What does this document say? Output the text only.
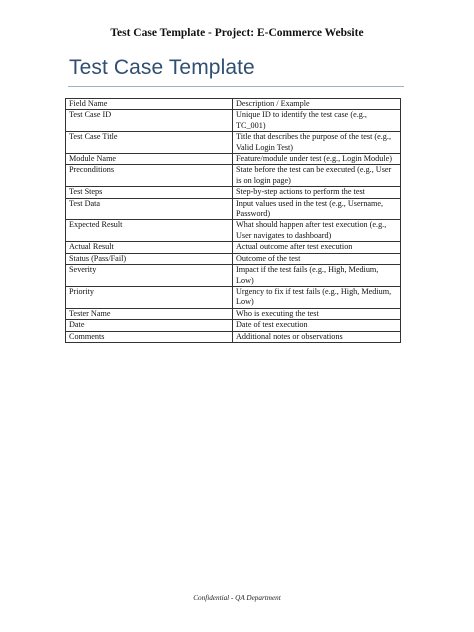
Test Case Template - Project: E-Commerce Website
Test Case Template
Field Name	Description / Example
Test Case ID	Unique ID to identify the test case (e.g., TC_001)
Test Case Title	Title that describes the purpose of the test (e.g., Valid Login Test)
Module Name	Feature/module under test (e.g., Login Module)
Preconditions	State before the test can be executed (e.g., User is on login page)
Test Steps	Step-by-step actions to perform the test
Test Data	Input values used in the test (e.g., Username, Password)
Expected Result	What should happen after test execution (e.g., User navigates to dashboard)
Actual Result	Actual outcome after test execution
Status (Pass/Fail)	Outcome of the test
Severity	Impact if the test fails (e.g., High, Medium, Low)
Priority	Urgency to fix if test fails (e.g., High, Medium, Low)
Tester Name	Who is executing the test
Date	Date of test execution
Comments	Additional notes or observations
Confidential - QA Department
